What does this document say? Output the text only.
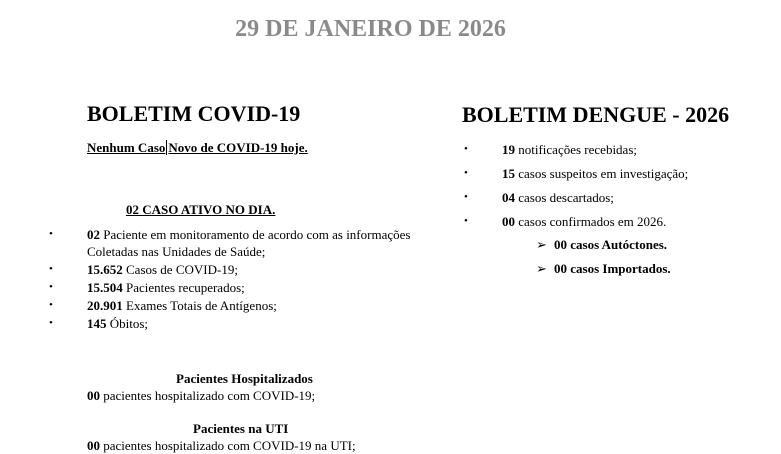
29 DE JANEIRO DE 2026
BOLETIM COVID-19
Nenhum Caso Novo de COVID-19 hoje.
02 CASO ATIVO NO DIA.
•	02 Paciente em monitoramento de acordo com as informações Coletadas nas Unidades de Saúde;
•	15.652 Casos de COVID-19;
•	15.504 Pacientes recuperados;
•	20.901 Exames Totais de Antígenos;
•	145 Óbitos;
Pacientes Hospitalizados
00 pacientes hospitalizado com COVID-19;
Pacientes na UTI
00 pacientes hospitalizado com COVID-19 na UTI;
BOLETIM DENGUE - 2026
•	19 notificações recebidas;
•	15 casos suspeitos em investigação;
•	04 casos descartados;
•	00 casos confirmados em 2026.
➢ 00 casos Autóctones.
➢ 00 casos Importados.
